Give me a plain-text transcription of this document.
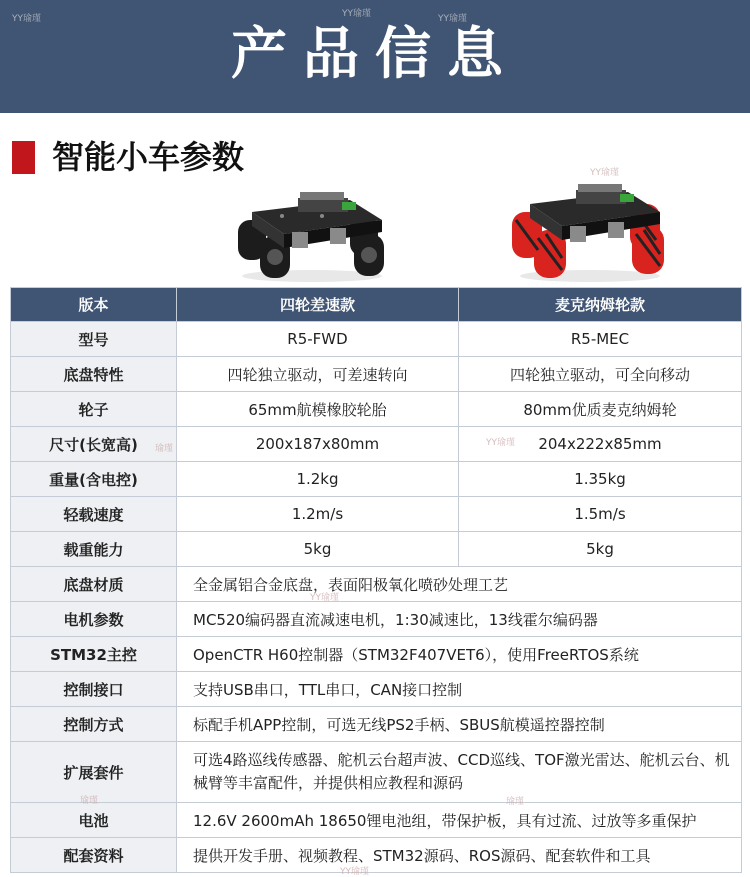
产品信息
YY瑜瑾	YY瑜瑾	YY瑜瑾
YY瑜瑾
智能小车参数
版本	四轮差速款	麦克纳姆轮款
型号	R5-FWD	R5-MEC
底盘特性	四轮独立驱动，可差速转向	四轮独立驱动，可全向移动
轮子	65mm航模橡胶轮胎	80mm优质麦克纳姆轮
尺寸(长宽高)	200x187x80mm	204x222x85mm
重量(含电控)	1.2kg	1.35kg
轻载速度	1.2m/s	1.5m/s
载重能力	5kg	5kg
底盘材质	全金属铝合金底盘，表面阳极氧化喷砂处理工艺	
电机参数	MC520编码器直流减速电机，1:30减速比，13线霍尔编码器	
STM32主控	OpenCTR H60控制器（STM32F407VET6），使用FreeRTOS系统	
控制接口	支持USB串口，TTL串口，CAN接口控制	
控制方式	标配手机APP控制，可选无线PS2手柄、SBUS航模遥控器控制	
扩展套件	可选4路巡线传感器、舵机云台超声波、CCD巡线、TOF激光雷达、舵机云台、机械臂等丰富配件，并提供相应教程和源码	
电池	12.6V 2600mAh 18650锂电池组，带保护板，具有过流、过放等多重保护	
配套资料	提供开发手册、视频教程、STM32源码、ROS源码、配套软件和工具	
瑜瑾
YY瑜瑾
YY瑜瑾
瑜瑾	瑜瑾
YY瑜瑾
